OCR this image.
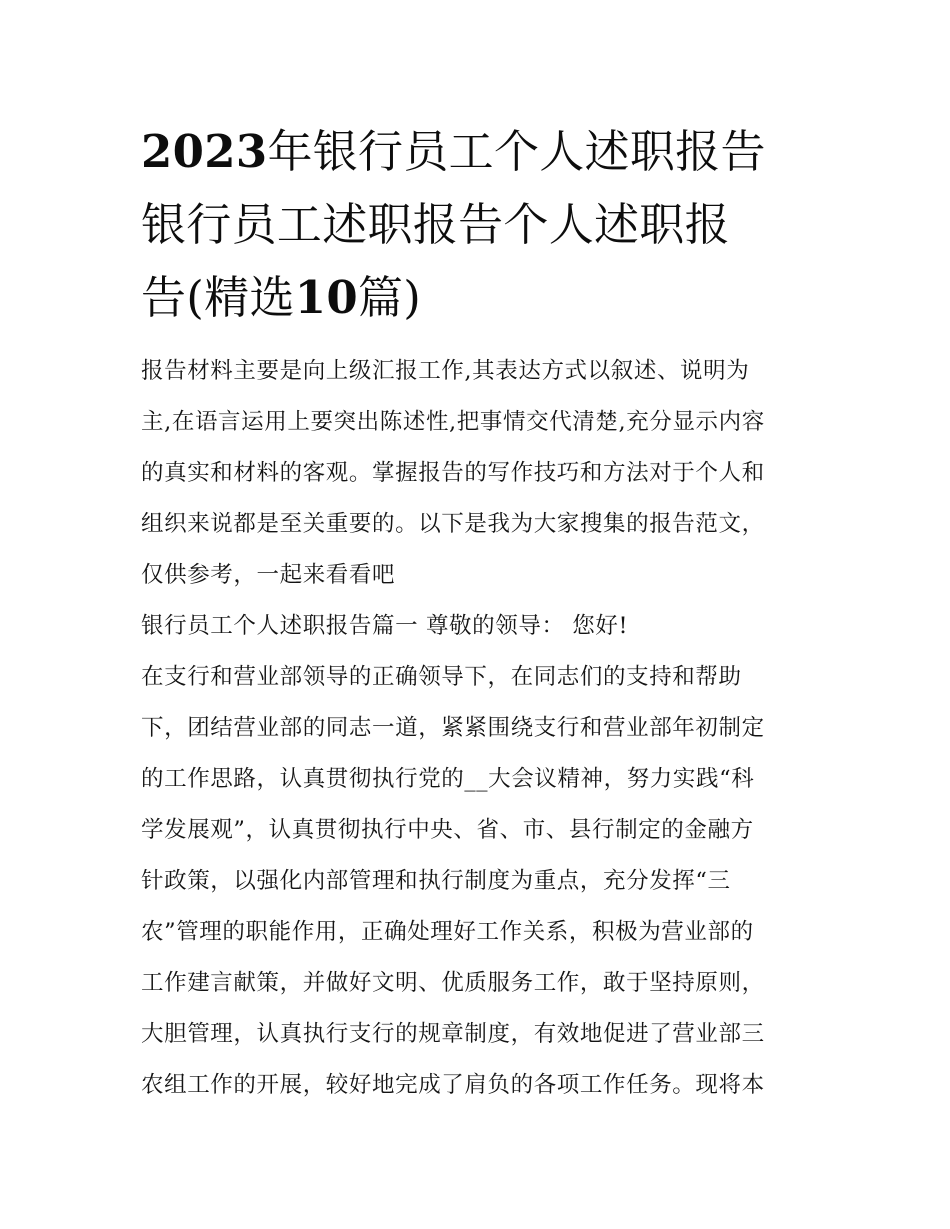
2023年银行员工个人述职报告
银行员工述职报告个人述职报
告(精选10篇)

报告材料主要是向上级汇报工作,其表达方式以叙述、说明为
主,在语言运用上要突出陈述性,把事情交代清楚,充分显示内容
的真实和材料的客观。掌握报告的写作技巧和方法对于个人和
组织来说都是至关重要的。以下是我为大家搜集的报告范文，
仅供参考，一起来看看吧

银行员工个人述职报告篇一 尊敬的领导： 您好!

在支行和营业部领导的正确领导下，在同志们的支持和帮助
下，团结营业部的同志一道，紧紧围绕支行和营业部年初制定
的工作思路，认真贯彻执行党的__大会议精神，努力实践“科
学发展观”，认真贯彻执行中央、省、市、县行制定的金融方
针政策，以强化内部管理和执行制度为重点，充分发挥“三
农”管理的职能作用，正确处理好工作关系，积极为营业部的
工作建言献策，并做好文明、优质服务工作，敢于坚持原则，
大胆管理，认真执行支行的规章制度，有效地促进了营业部三
农组工作的开展，较好地完成了肩负的各项工作任务。现将本
